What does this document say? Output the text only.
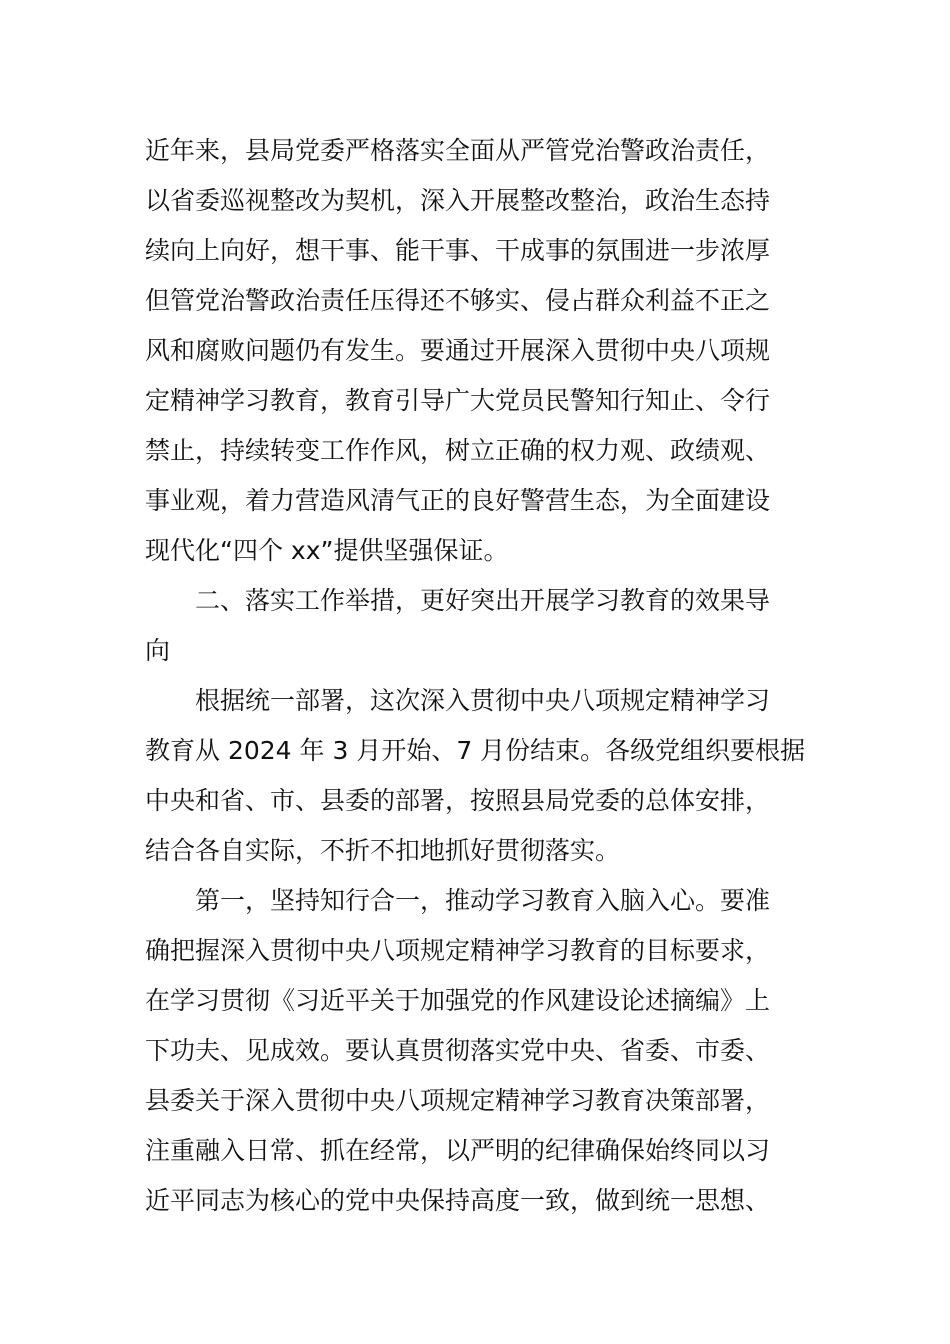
近年来，县局党委严格落实全面从严管党治警政治责任，
以省委巡视整改为契机，深入开展整改整治，政治生态持
续向上向好，想干事、能干事、干成事的氛围进一步浓厚
但管党治警政治责任压得还不够实、侵占群众利益不正之
风和腐败问题仍有发生。要通过开展深入贯彻中央八项规
定精神学习教育，教育引导广大党员民警知行知止、令行
禁止，持续转变工作作风，树立正确的权力观、政绩观、
事业观，着力营造风清气正的良好警营生态，为全面建设
现代化“四个 xx”提供坚强保证。
二、落实工作举措，更好突出开展学习教育的效果导
向
根据统一部署，这次深入贯彻中央八项规定精神学习
教育从 2024 年 3 月开始、7 月份结束。各级党组织要根据
中央和省、市、县委的部署，按照县局党委的总体安排，
结合各自实际，不折不扣地抓好贯彻落实。
第一，坚持知行合一，推动学习教育入脑入心。要准
确把握深入贯彻中央八项规定精神学习教育的目标要求，
在学习贯彻《习近平关于加强党的作风建设论述摘编》上
下功夫、见成效。要认真贯彻落实党中央、省委、市委、
县委关于深入贯彻中央八项规定精神学习教育决策部署，
注重融入日常、抓在经常，以严明的纪律确保始终同以习
近平同志为核心的党中央保持高度一致，做到统一思想、
